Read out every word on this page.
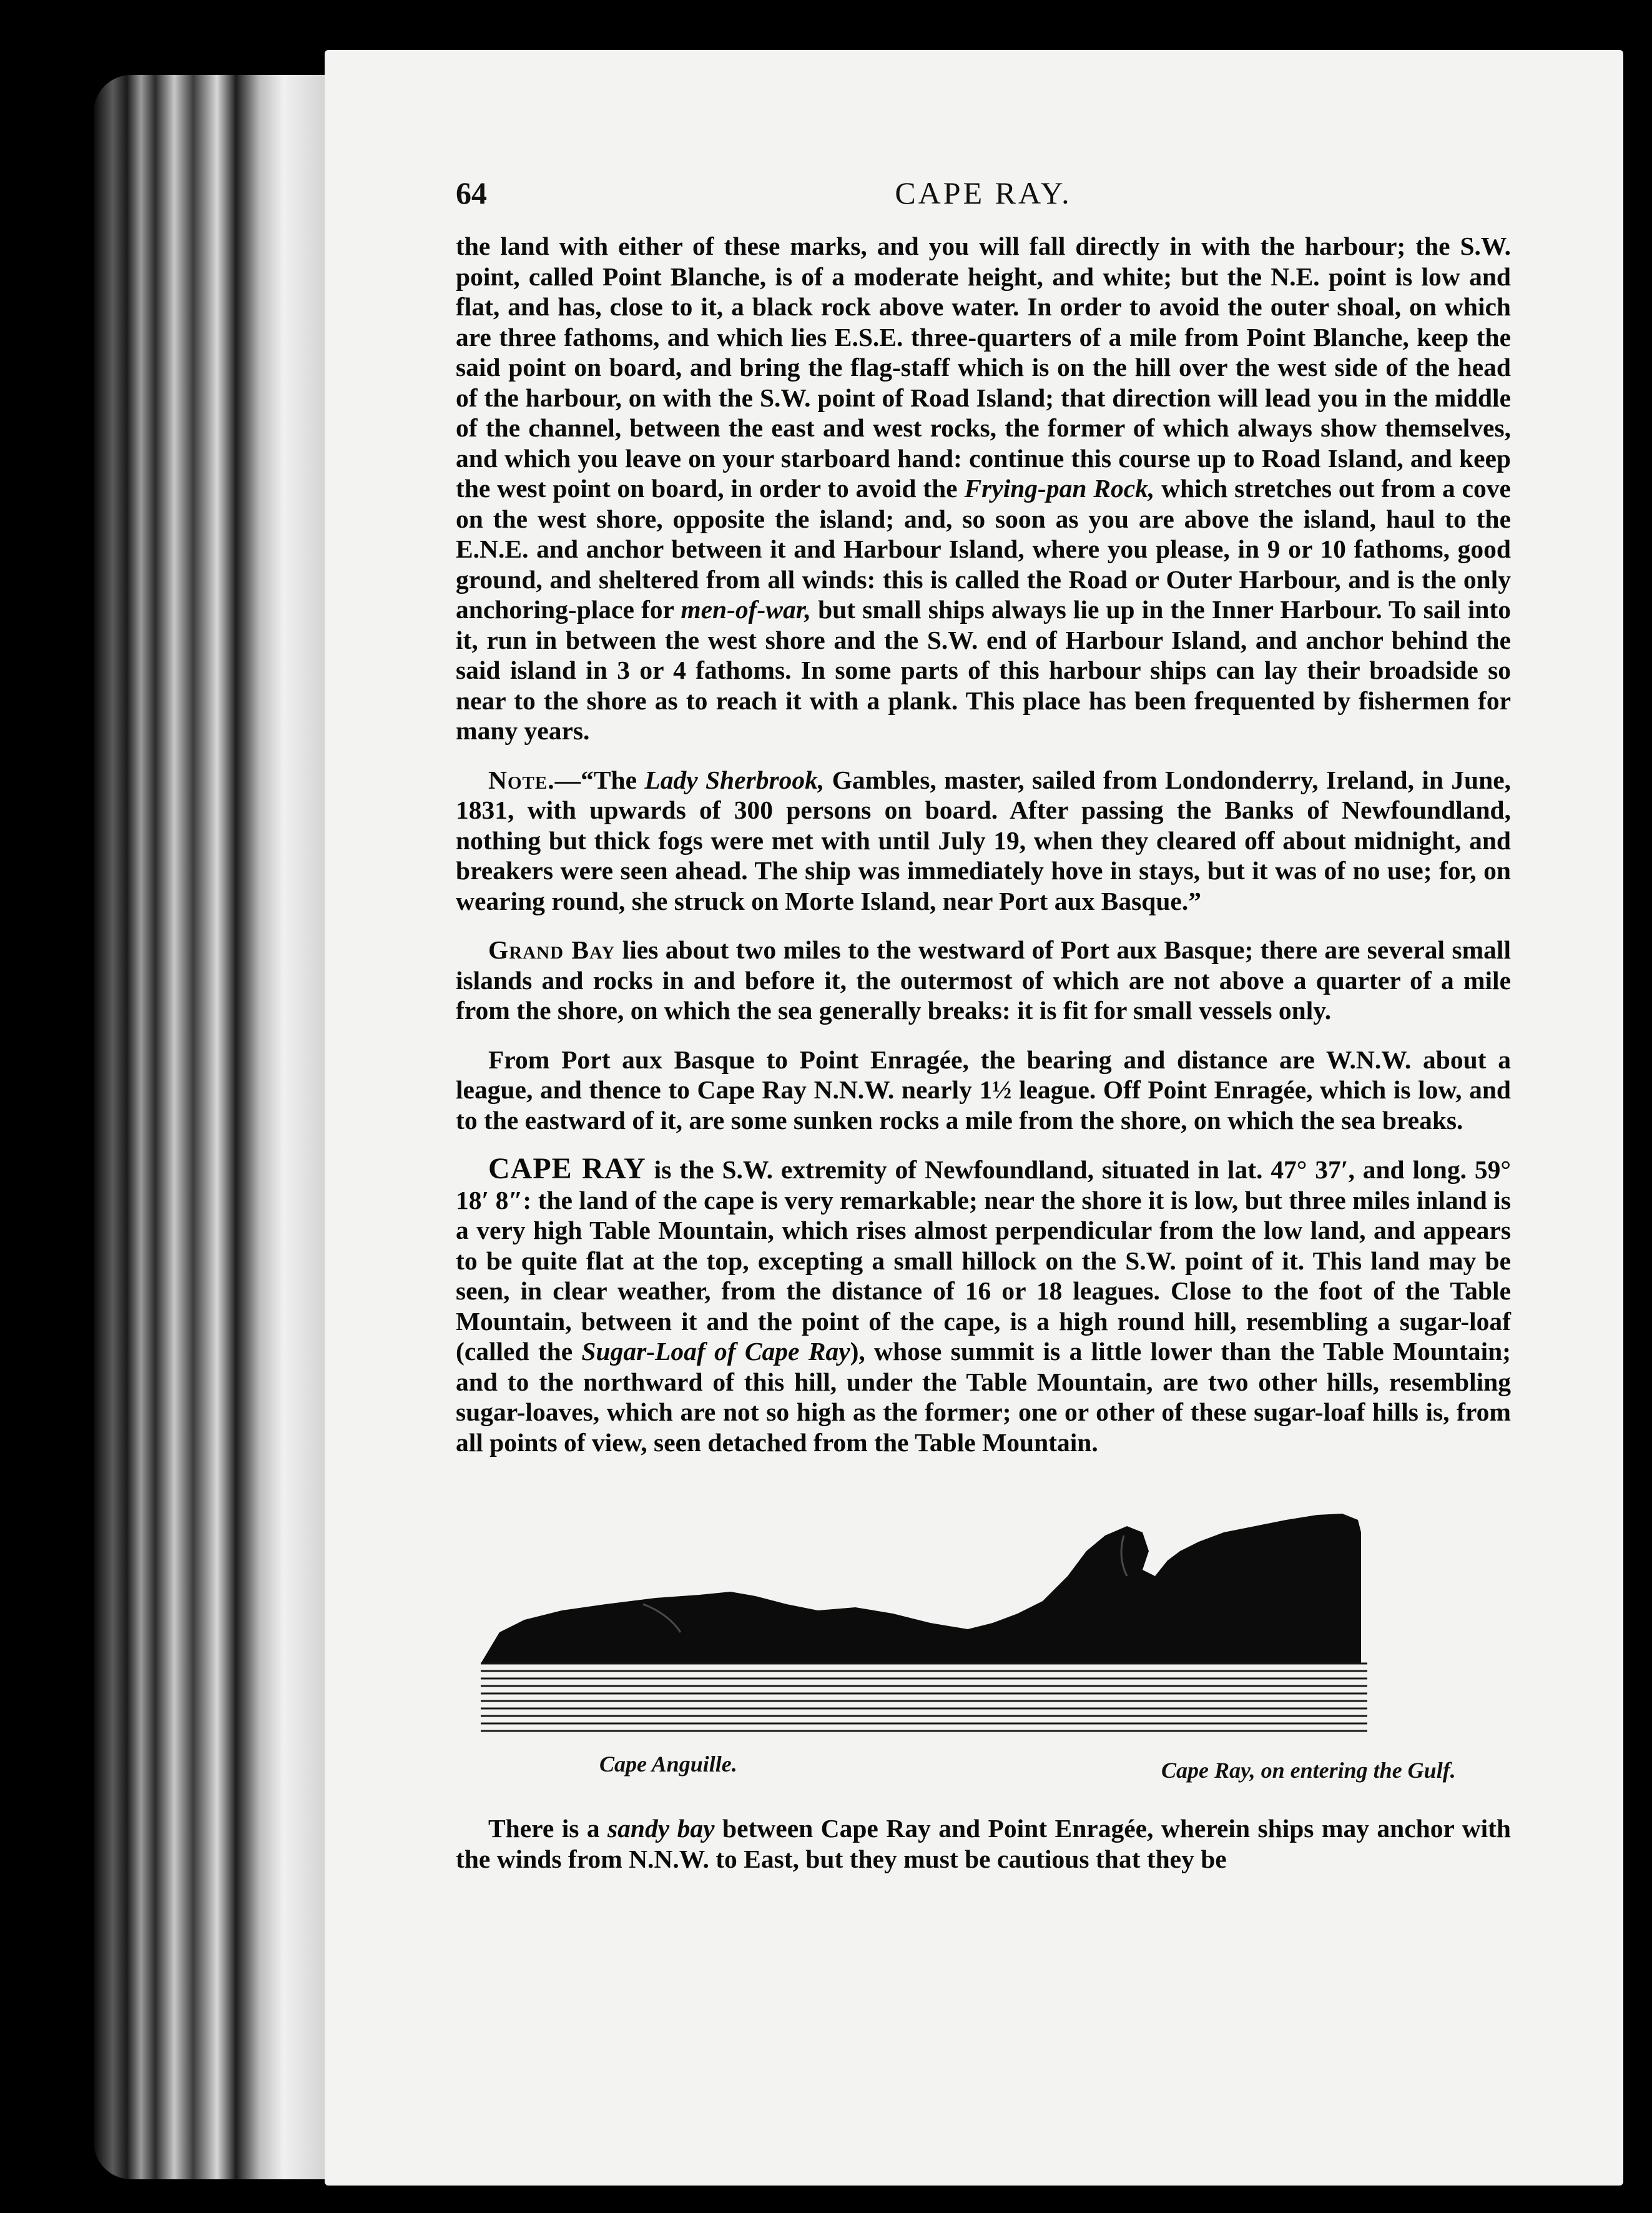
64	CAPE RAY.

the land with either of these marks, and you will fall directly in with the harbour; the S.W. point, called Point Blanche, is of a moderate height, and white; but the N.E. point is low and flat, and has, close to it, a black rock above water. In order to avoid the outer shoal, on which are three fathoms, and which lies E.S.E. three-quarters of a mile from Point Blanche, keep the said point on board, and bring the flag-staff which is on the hill over the west side of the head of the harbour, on with the S.W. point of Road Island; that direction will lead you in the middle of the channel, between the east and west rocks, the former of which always show themselves, and which you leave on your starboard hand: continue this course up to Road Island, and keep the west point on board, in order to avoid the Frying-pan Rock, which stretches out from a cove on the west shore, opposite the island; and, so soon as you are above the island, haul to the E.N.E. and anchor between it and Harbour Island, where you please, in 9 or 10 fathoms, good ground, and sheltered from all winds: this is called the Road or Outer Harbour, and is the only anchoring-place for men-of-war, but small ships always lie up in the Inner Harbour. To sail into it, run in between the west shore and the S.W. end of Harbour Island, and anchor behind the said island in 3 or 4 fathoms. In some parts of this harbour ships can lay their broadside so near to the shore as to reach it with a plank. This place has been frequented by fishermen for many years.

Note.—“The Lady Sherbrook, Gambles, master, sailed from Londonderry, Ireland, in June, 1831, with upwards of 300 persons on board. After passing the Banks of Newfoundland, nothing but thick fogs were met with until July 19, when they cleared off about midnight, and breakers were seen ahead. The ship was immediately hove in stays, but it was of no use; for, on wearing round, she struck on Morte Island, near Port aux Basque.”

Grand Bay lies about two miles to the westward of Port aux Basque; there are several small islands and rocks in and before it, the outermost of which are not above a quarter of a mile from the shore, on which the sea generally breaks: it is fit for small vessels only.

From Port aux Basque to Point Enragée, the bearing and distance are W.N.W. about a league, and thence to Cape Ray N.N.W. nearly 1½ league. Off Point Enragée, which is low, and to the eastward of it, are some sunken rocks a mile from the shore, on which the sea breaks.

CAPE RAY is the S.W. extremity of Newfoundland, situated in lat. 47° 37′, and long. 59° 18′ 8″: the land of the cape is very remarkable; near the shore it is low, but three miles inland is a very high Table Mountain, which rises almost perpendicular from the low land, and appears to be quite flat at the top, excepting a small hillock on the S.W. point of it. This land may be seen, in clear weather, from the distance of 16 or 18 leagues. Close to the foot of the Table Mountain, between it and the point of the cape, is a high round hill, resembling a sugar-loaf (called the Sugar-Loaf of Cape Ray), whose summit is a little lower than the Table Mountain; and to the northward of this hill, under the Table Mountain, are two other hills, resembling sugar-loaves, which are not so high as the former; one or other of these sugar-loaf hills is, from all points of view, seen detached from the Table Mountain.

Cape Anguille.	Cape Ray, on entering the Gulf.

There is a sandy bay between Cape Ray and Point Enragée, wherein ships may anchor with the winds from N.N.W. to East, but they must be cautious that they be
